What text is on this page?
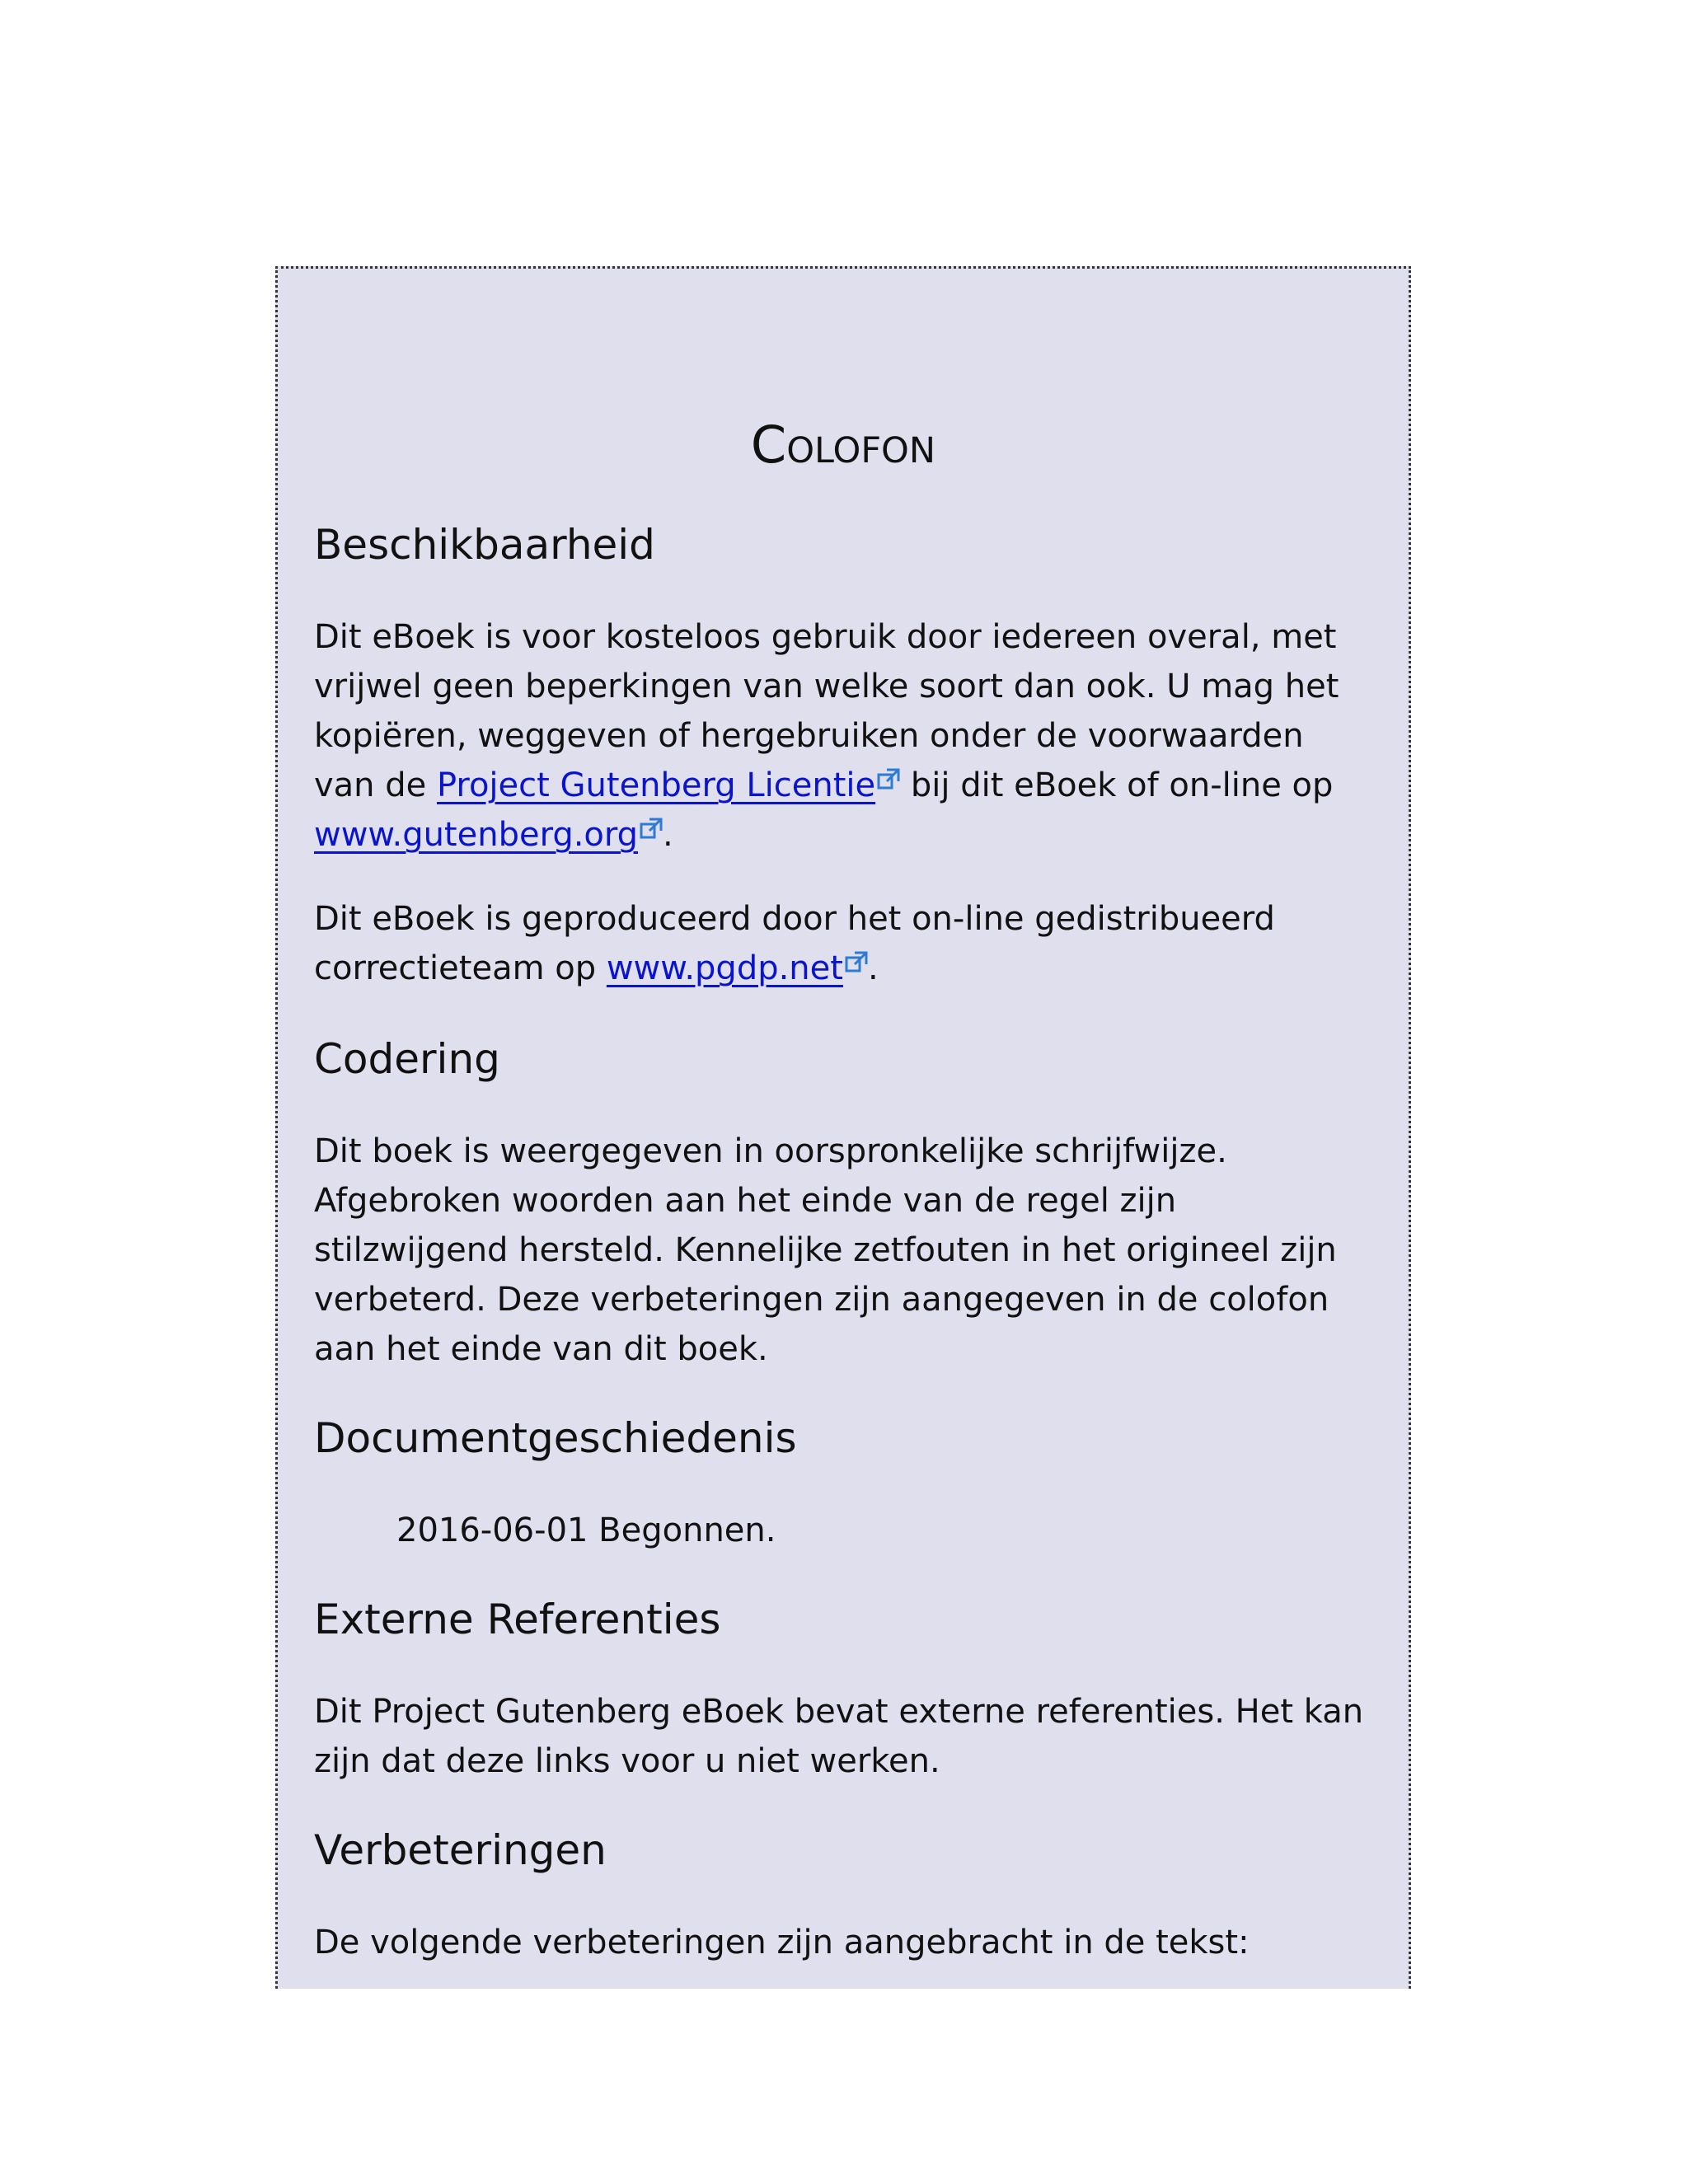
Colofon
Beschikbaarheid

Dit eBoek is voor kosteloos gebruik door iedereen overal, met vrijwel geen beperkingen van welke soort dan ook. U mag het kopiëren, weggeven of hergebruiken onder de voorwaarden van de Project Gutenberg Licentie bij dit eBoek of on-line op www.gutenberg.org .

Dit eBoek is geproduceerd door het on-line gedistribueerd correctieteam op www.pgdp.net .

Codering

Dit boek is weergegeven in oorspronkelijke schrijfwijze. Afgebroken woorden aan het einde van de regel zijn stilzwijgend hersteld. Kennelijke zetfouten in het origineel zijn verbeterd. Deze verbeteringen zijn aangegeven in de colofon aan het einde van dit boek.

Documentgeschiedenis

2016-06-01 Begonnen.

Externe Referenties

Dit Project Gutenberg eBoek bevat externe referenties. Het kan zijn dat deze links voor u niet werken.

Verbeteringen

De volgende verbeteringen zijn aangebracht in de tekst:
